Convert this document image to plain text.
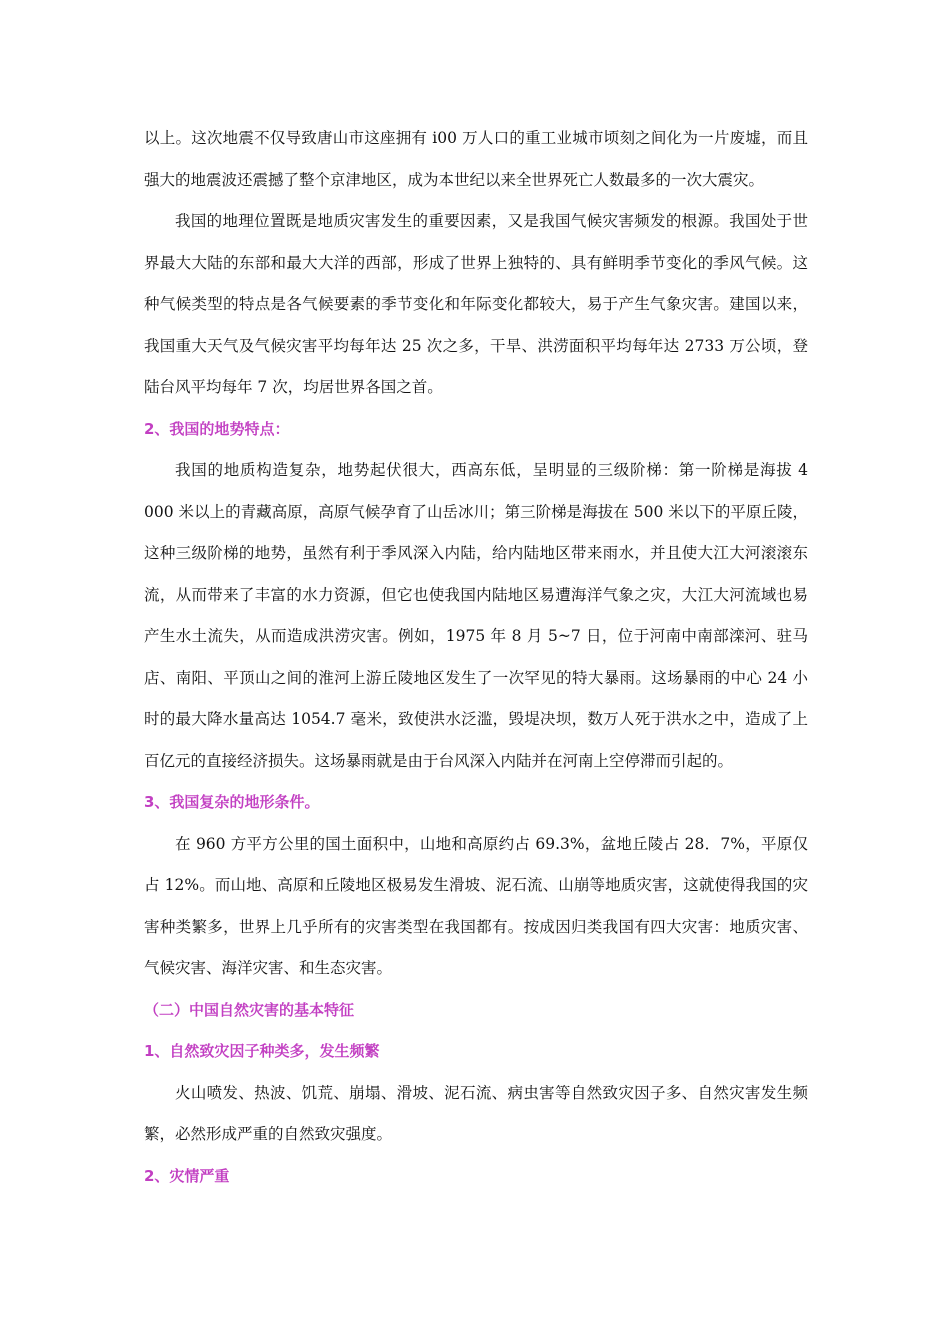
以上。这次地震不仅导致唐山市这座拥有 i00 万人口的重工业城市顷刻之间化为一片废墟，而且强大的地震波还震撼了整个京津地区，成为本世纪以来全世界死亡人数最多的一次大震灾。

我国的地理位置既是地质灾害发生的重要因素，又是我国气候灾害频发的根源。我国处于世界最大大陆的东部和最大大洋的西部，形成了世界上独特的、具有鲜明季节变化的季风气候。这种气候类型的特点是各气候要素的季节变化和年际变化都较大，易于产生气象灾害。建国以来，我国重大天气及气候灾害平均每年达 25 次之多，干旱、洪涝面积平均每年达 2733 万公顷，登陆台风平均每年 7 次，均居世界各国之首。

2、我国的地势特点：

我国的地质构造复杂，地势起伏很大，西高东低，呈明显的三级阶梯：第一阶梯是海拔 4 000 米以上的青藏高原，高原气候孕育了山岳冰川；第三阶梯是海拔在 500 米以下的平原丘陵，这种三级阶梯的地势，虽然有利于季风深入内陆，给内陆地区带来雨水，并且使大江大河滚滚东流，从而带来了丰富的水力资源，但它也使我国内陆地区易遭海洋气象之灾，大江大河流域也易产生水土流失，从而造成洪涝灾害。例如，1975 年 8 月 5~7 日，位于河南中南部滦河、驻马店、南阳、平顶山之间的淮河上游丘陵地区发生了一次罕见的特大暴雨。这场暴雨的中心 24 小时的最大降水量高达 1054.7 毫米，致使洪水泛滥，毁堤决坝，数万人死于洪水之中，造成了上百亿元的直接经济损失。这场暴雨就是由于台风深入内陆并在河南上空停滞而引起的。

3、我国复杂的地形条件。

在 960 方平方公里的国土面积中，山地和高原约占 69.3%，盆地丘陵占 28．7%，平原仅占 12%。而山地、高原和丘陵地区极易发生滑坡、泥石流、山崩等地质灾害，这就使得我国的灾害种类繁多，世界上几乎所有的灾害类型在我国都有。按成因归类我国有四大灾害：地质灾害、气候灾害、海洋灾害、和生态灾害。

（二）中国自然灾害的基本特征

1、自然致灾因子种类多，发生频繁

火山喷发、热波、饥荒、崩塌、滑坡、泥石流、病虫害等自然致灾因子多、自然灾害发生频繁，必然形成严重的自然致灾强度。

2、灾情严重
